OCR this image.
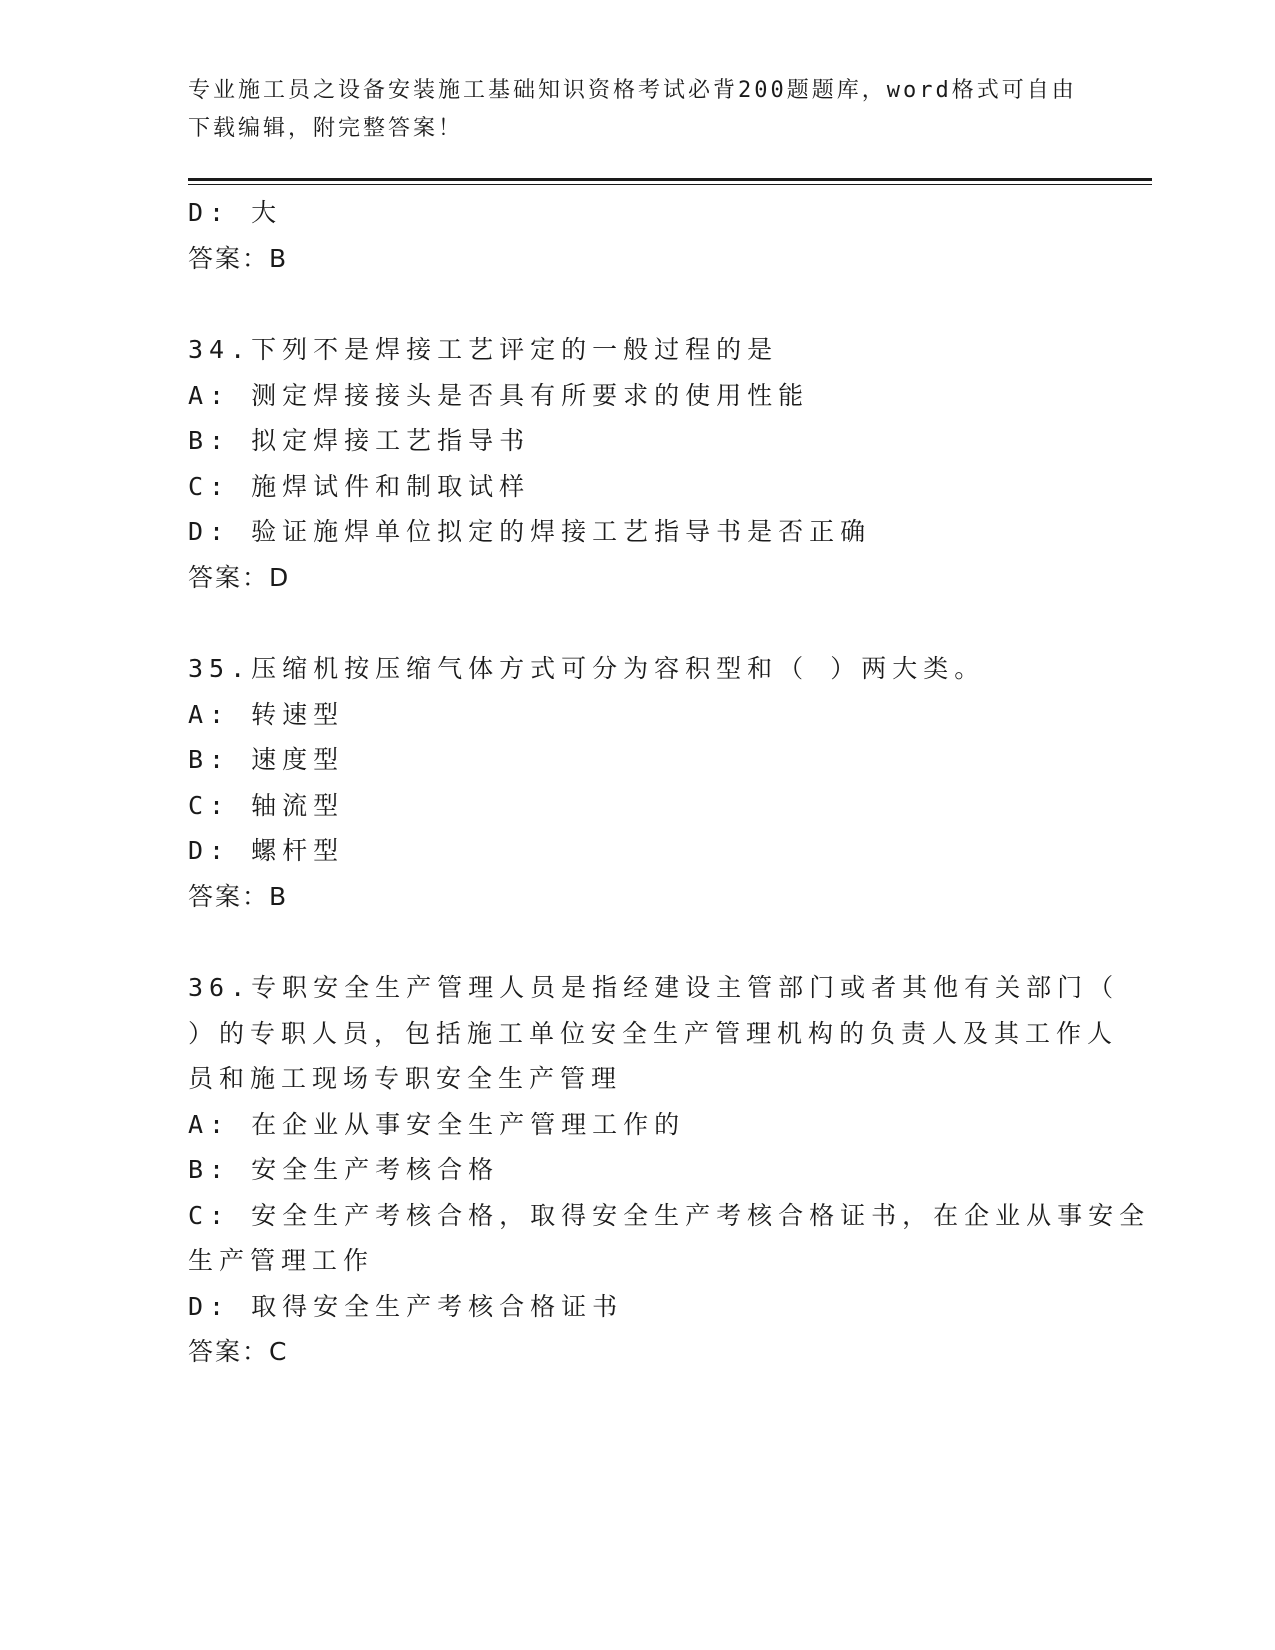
专业施工员之设备安装施工基础知识资格考试必背200题题库，word格式可自由
下载编辑，附完整答案！
D: 大
答案：B
34.下列不是焊接工艺评定的一般过程的是
A: 测定焊接接头是否具有所要求的使用性能
B: 拟定焊接工艺指导书
C: 施焊试件和制取试样
D: 验证施焊单位拟定的焊接工艺指导书是否正确
答案：D
35.压缩机按压缩气体方式可分为容积型和（ ）两大类。
A: 转速型
B: 速度型
C: 轴流型
D: 螺杆型
答案：B
36.专职安全生产管理人员是指经建设主管部门或者其他有关部门（
）的专职人员，包括施工单位安全生产管理机构的负责人及其工作人
员和施工现场专职安全生产管理
A: 在企业从事安全生产管理工作的
B: 安全生产考核合格
C: 安全生产考核合格，取得安全生产考核合格证书，在企业从事安全
生产管理工作
D: 取得安全生产考核合格证书
答案：C
